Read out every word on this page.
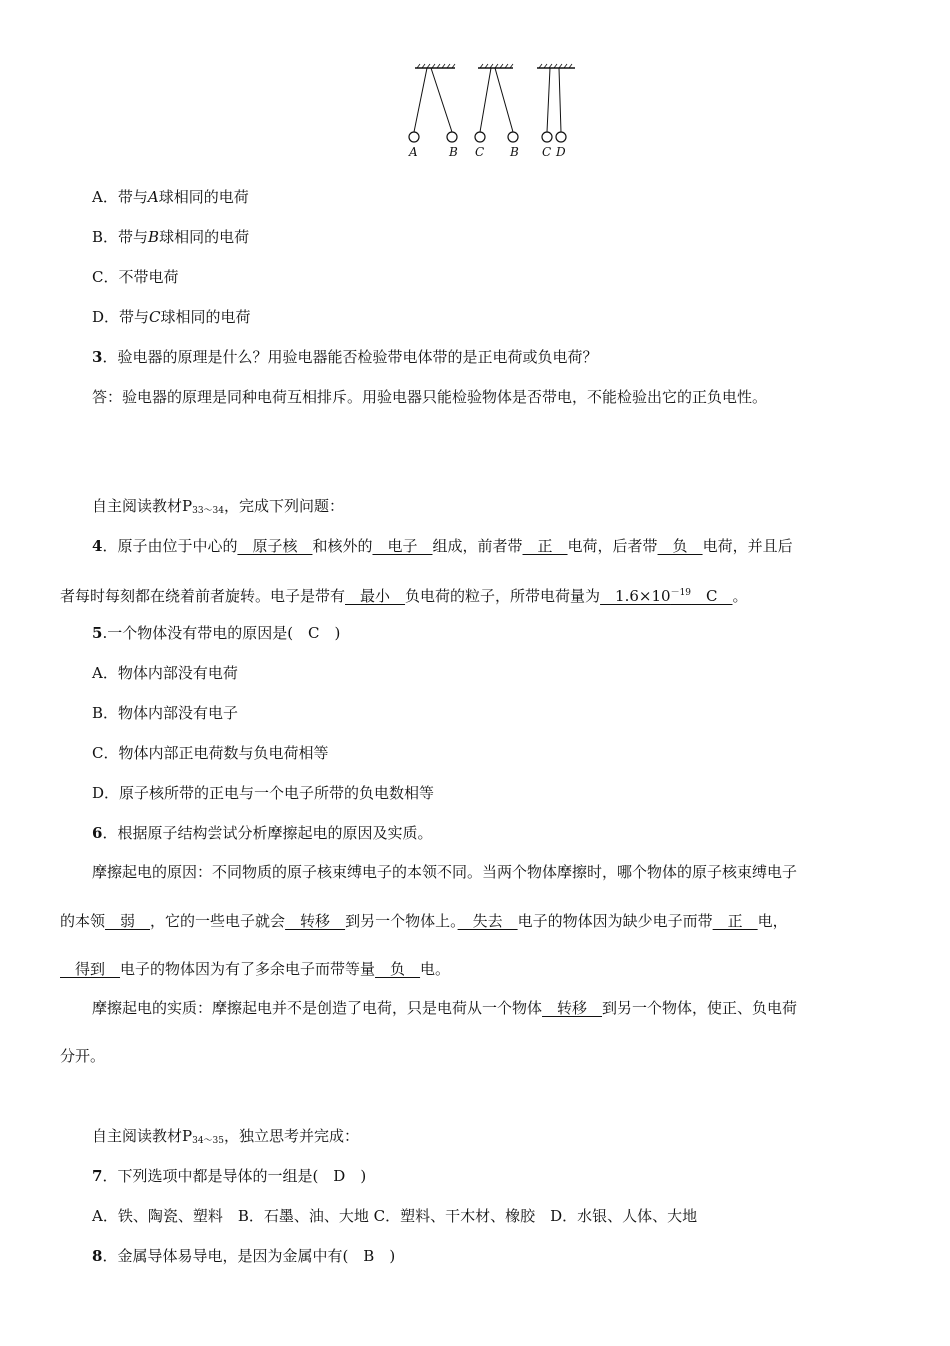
A	B C B C D
A．带与A球相同的电荷
B．带与B球相同的电荷
C．不带电荷
D．带与C球相同的电荷
3．验电器的原理是什么？用验电器能否检验带电体带的是正电荷或负电荷？
答：验电器的原理是同种电荷互相排斥。用验电器只能检验物体是否带电，不能检验出它的正负电性。
自主阅读教材$P_{33\sim 34}$，完成下列问题：
4．原子由位于中心的　原子核　和核外的　电子　组成，前者带　正　电荷，后者带　负　电荷，并且后
者每时每刻都在绕着前者旋转。电子是带有　最小　负电荷的粒子，所带电荷量为　$1.6\times 10^{-19}$　C　。
5.一个物体没有带电的原因是(　C　)
A．物体内部没有电荷
B．物体内部没有电子
C．物体内部正电荷数与负电荷相等
D．原子核所带的正电与一个电子所带的负电数相等
6．根据原子结构尝试分析摩擦起电的原因及实质。
摩擦起电的原因：不同物质的原子核束缚电子的本领不同。当两个物体摩擦时，哪个物体的原子核束缚电子
的本领　弱　，它的一些电子就会　转移　到另一个物体上。　失去　电子的物体因为缺少电子而带　正　电，
　得到　电子的物体因为有了多余电子而带等量　负　电。
摩擦起电的实质：摩擦起电并不是创造了电荷，只是电荷从一个物体　转移　到另一个物体，使正、负电荷
分开。
自主阅读教材$P_{34\sim 35}$，独立思考并完成：
7．下列选项中都是导体的一组是(　D　)
A．铁、陶瓷、塑料　B．石墨、油、大地 C．塑料、干木材、橡胶　D．水银、人体、大地
8．金属导体易导电，是因为金属中有(　B　)
